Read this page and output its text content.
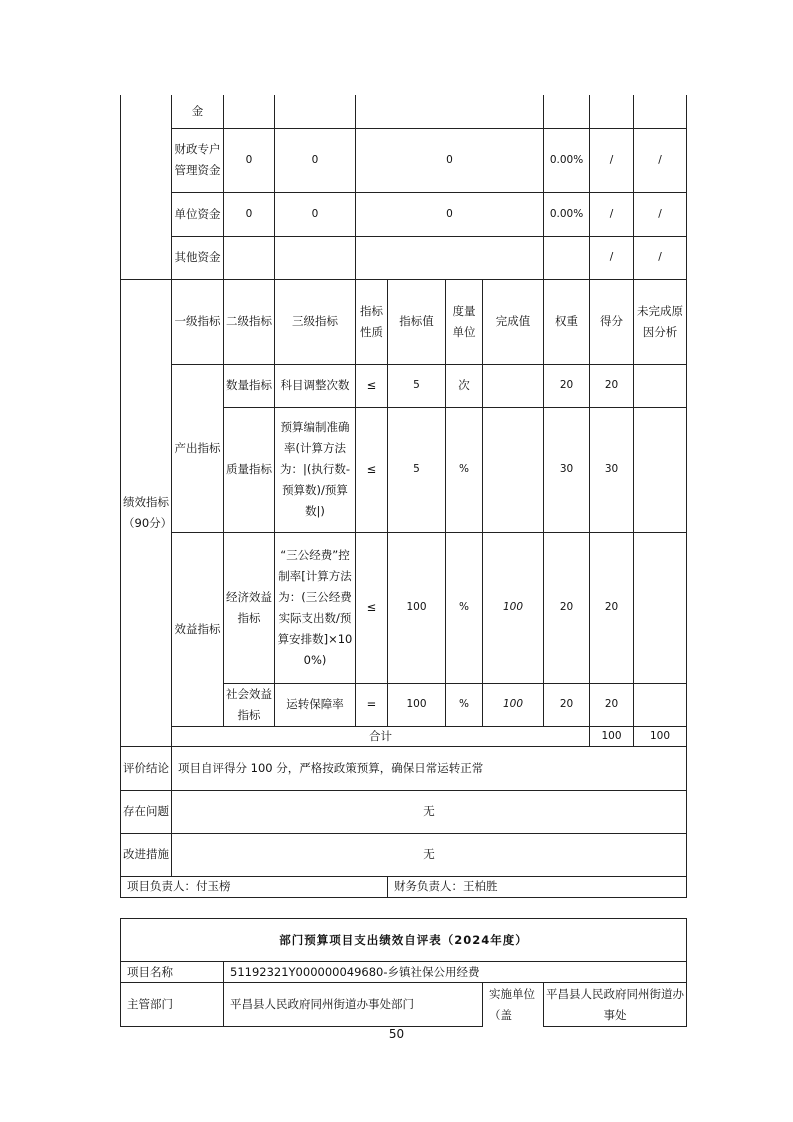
	金										
	财政专户管理资金	0	0	0				0.00%	/	/	
	单位资金	0	0	0				0.00%	/	/	
	其他资金								/	/	
绩效指标（90分）	一级指标	二级指标	三级指标	指标性质	指标值	度量单位	完成值	权重	得分	未完成原因分析	
	产出指标	数量指标	科目调整次数	≤	5	次		20	20		
		质量指标	预算编制准确率(计算方法为：|(执行数-预算数)/预算数|)	≤	5	%		30	30		
	效益指标	经济效益指标	“三公经费”控制率[计算方法为：(三公经费实际支出数/预算安排数]×100%)	≤	100	%	100	20	20		
		社会效益指标	运转保障率	=	100	%	100	20	20		
	合计								100	100	
评价结论	项目自评得分 100 分，严格按政策预算，确保日常运转正常										
存在问题	无										
改进措施	无										
项目负责人：付玉榜					财务负责人：王柏胜						
部门预算项目支出绩效自评表（2024年度）			
项目名称	51192321Y000000049680-乡镇社保公用经费		
主管部门	平昌县人民政府同州街道办事处部门	实施单位（盖	平昌县人民政府同州街道办事处
50
